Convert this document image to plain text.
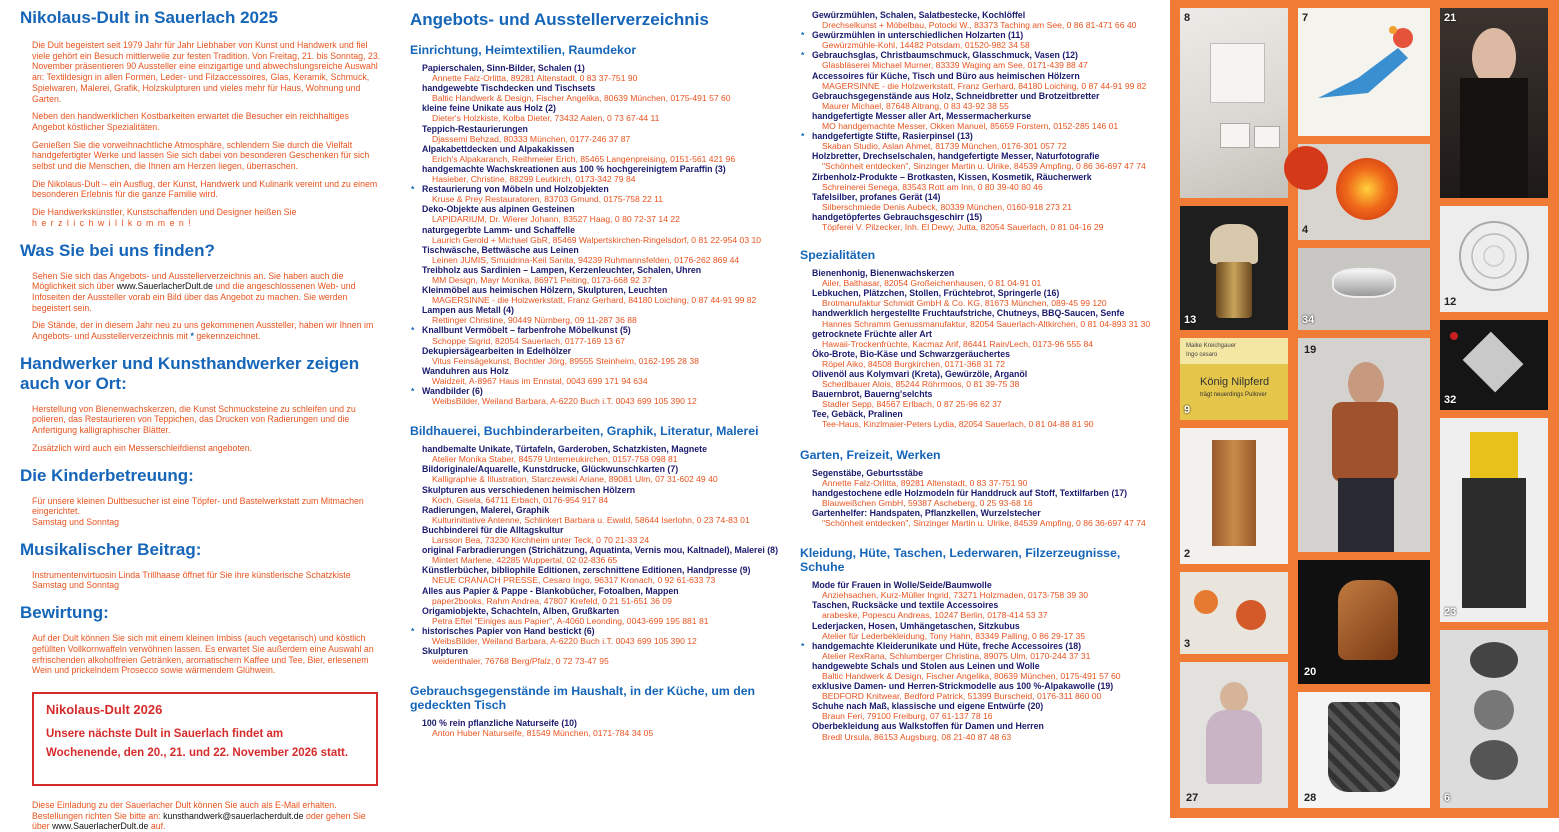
Nikolaus-Dult in Sauerlach 2025

Die Dult begeistert seit 1979 Jahr für Jahr Liebhaber von Kunst und Handwerk und fiel viele gehört ein Besuch mittlerweile zur festen Tradition. Von Freitag, 21. bis Sonntag, 23. November präsentieren 90 Aussteller eine einzigartige und abwechslungsreiche Auswahl an: Textildesign in allen Formen, Leder- und Filzaccessoires, Glas, Keramik, Schmuck, Spielwaren, Malerei, Grafik, Holzskulpturen und vieles mehr für Haus, Wohnung und Garten.

Neben den handwerklichen Kostbarkeiten erwartet die Besucher ein reichhaltiges Angebot köstlicher Spezialitäten.

Genießen Sie die vorweihnachtliche Atmosphäre, schlendern Sie durch die Vielfalt handgefertigter Werke und lassen Sie sich dabei von besonderen Geschenken für sich selbst und die Menschen, die Ihnen am Herzen liegen, überraschen.

Die Nikolaus-Dult – ein Ausflug, der Kunst, Handwerk und Kulinarik vereint und zu einem besonderen Erlebnis für die ganze Familie wird.

Die Handwerkskünstler, Kunstschaffenden und Designer heißen Sie

h e r z l i c h w i l l k o m m e n !

Was Sie bei uns finden?

Sehen Sie sich das Angebots- und Ausstellerverzeichnis an. Sie haben auch die Möglichkeit sich über www.SauerlacherDult.de und die angeschlossenen Web- und Infoseiten der Aussteller vorab ein Bild über das Angebot zu machen. Sie werden begeistert sein.

Die Stände, der in diesem Jahr neu zu uns gekommenen Aussteller, haben wir Ihnen im Angebots- und Ausstellerverzeichnis mit * gekennzeichnet.

Handwerker und Kunsthandwerker zeigen auch vor Ort:

Herstellung von Bienenwachskerzen, die Kunst Schmucksteine zu schleifen und zu polieren, das Restaurieren von Teppichen, das Drucken von Radierungen und die Anfertigung kalligraphischer Blätter.

Zusätzlich wird auch ein Messerschleifdienst angeboten.

Die Kinderbetreuung:

Für unsere kleinen Dultbesucher ist eine Töpfer- und Bastelwerkstatt zum Mitmachen eingerichtet.
Samstag und Sonntag

Musikalischer Beitrag:

Instrumentenvirtuosin Linda Trillhaase öffnet für Sie ihre künstlerische Schatzkiste
Samstag und Sonntag

Bewirtung:

Auf der Dult können Sie sich mit einem kleinen Imbiss (auch vegetarisch) und köstlich gefüllten Vollkornwaffeln verwöhnen lassen. Es erwartet Sie außerdem eine Auswahl an erfrischenden alkoholfreien Getränken, aromatischem Kaffee und Tee, Bier, erlesenem Wein und prickelndem Prosecco sowie wärmendem Glühwein.

Nikolaus-Dult 2026
Unsere nächste Dult in Sauerlach findet am
Wochenende, den 20., 21. und 22. November 2026 statt.

Diese Einladung zu der Sauerlacher Dult können Sie auch als E-Mail erhalten. Bestellungen richten Sie bitte an: kunsthandwerk@sauerlacherdult.de oder gehen Sie über www.SauerlacherDult.de auf.

Angebots- und Ausstellerverzeichnis
Einrichtung, Heimtextilien, Raumdekor
Papierschalen, Sinn-Bilder, Schalen (1)
Annette Falz-Orlitta, 89281 Altenstadt, 0 83 37-751 90
handgewebte Tischdecken und Tischsets
Baltic Handwerk & Design, Fischer Angelika, 80639 München, 0175-491 57 60
kleine feine Unikate aus Holz (2)
Dieter's Holzkiste, Kolba Dieter, 73432 Aalen, 0 73 67-44 11
Teppich-Restaurierungen
Djassemi Behzad, 80333 München, 0177-246 37 87
Alpakabettdecken und Alpakakissen
Erich's Alpakaranch, Reithmeier Erich, 85465 Langenpreising, 0151-561 421 96
handgemachte Wachskreationen aus 100 % hochgereinigtem Paraffin (3)
Hasieber, Christine, 88299 Leutkirch, 0173-342 79 84
* Restaurierung von Möbeln und Holzobjekten
Kruse & Prey Restauratoren, 83703 Gmund, 0175-758 22 11
Deko-Objekte aus alpinen Gesteinen
LAPIDARIUM, Dr. Wierer Johann, 83527 Haag, 0 80 72-37 14 22
naturgegerbte Lamm- und Schaffelle
Laurich Gerold + Michael GbR, 85469 Walpertskirchen-Ringelsdorf, 0 81 22-954 03 10
Tischwäsche, Bettwäsche aus Leinen
Leinen JUMIS, Smuidrina-Keil Sanita, 94239 Ruhmannsfelden, 0176-262 869 44
Treibholz aus Sardinien – Lampen, Kerzenleuchter, Schalen, Uhren
MM Design, Mayr Monika, 86971 Peiting, 0173-668 92 37
Kleinmöbel aus heimischen Hölzern, Skulpturen, Leuchten
MAGERSINNE - die Holzwerkstatt, Franz Gerhard, 84180 Loiching, 0 87 44-91 99 82
Lampen aus Metall (4)
Rettinger Christine, 90449 Nürnberg, 09 11-287 36 88
* Knallbunt Vermöbelt – farbenfrohe Möbelkunst (5)
Schoppe Sigrid, 82054 Sauerlach, 0177-169 13 67
Dekupiersägearbeiten in Edelhölzer
Vitus Feinsägekunst, Bochtler Jörg, 89555 Steinheim, 0162-195 28 38
Wanduhren aus Holz
Waidzeit, A-8967 Haus im Ennstal, 0043 699 171 94 634
* Wandbilder (6)
WeibsBilder, Weiland Barbara, A-6220 Buch i.T. 0043 699 105 390 12
Bildhauerei, Buchbinderarbeiten, Graphik, Literatur, Malerei
handbemalte Unikate, Türtafeln, Garderoben, Schatzkisten, Magnete
Atelier Monika Staber, 84579 Unterneukirchen, 0157-758 098 81
Bildoriginale/Aquarelle, Kunstdrucke, Glückwunschkarten (7)
Kalligraphie & Illustration, Starczewski Ariane, 89081 Ulm, 07 31-602 49 40
Skulpturen aus verschiedenen heimischen Hölzern
Koch, Gisela, 64711 Erbach, 0176-954 917 84
Radierungen, Malerei, Graphik
Kulturinitiative Antenne, Schlinkert Barbara u. Ewald, 58644 Iserlohn, 0 23 74-83 01
Buchbinderei für die Alltagskultur
Larsson Bea, 73230 Kirchheim unter Teck, 0 70 21-33 24
original Farbradierungen (Strichätzung, Aquatinta, Vernis mou, Kaltnadel), Malerei (8)
Mintert Marlene, 42285 Wuppertal, 02 02-836 65
Künstlerbücher, bibliophile Editionen, zerschnittene Editionen, Handpresse (9)
NEUE CRANACH PRESSE, Cesaro Ingo, 96317 Kronach, 0 92 61-633 73
Alles aus Papier & Pappe - Blankobücher, Fotoalben, Mappen
paper2books, Rahm Andrea, 47807 Krefeld, 0 21 51-651 36 09
Origamiobjekte, Schachteln, Alben, Grußkarten
Petra Eftel "Einiges aus Papier", A-4060 Leonding, 0043-699 195 881 81
* historisches Papier von Hand bestickt (6)
WeibsBilder, Weiland Barbara, A-6220 Buch i.T. 0043 699 105 390 12
Skulpturen
weidenthaler, 76768 Berg/Pfalz, 0 72 73-47 95
Gebrauchsgegenstände im Haushalt, in der Küche, um den gedeckten Tisch
100 % rein pflanzliche Naturseife (10)
Anton Huber Naturseife, 81549 München, 0171-784 34 05
Gewürzmühlen, Schalen, Salatbestecke, Kochlöffel
Drechselkunst + Möbelbau, Potocki W., 83373 Taching am See, 0 86 81-471 66 40
* Gewürzmühlen in unterschiedlichen Holzarten (11)
Gewürzmühle-Kohl, 14482 Potsdam, 01520-982 34 58
* Gebrauchsglas, Christbaumschmuck, Glasschmuck, Vasen (12)
Glasbläserei Michael Murner, 83339 Waging am See, 0171-439 88 47
Accessoires für Küche, Tisch und Büro aus heimischen Hölzern
MAGERSINNE - die Holzwerkstatt, Franz Gerhard, 84180 Loiching, 0 87 44-91 99 82
Gebrauchsgegenstände aus Holz, Schneidbretter und Brotzeitbretter
Maurer Michael, 87648 Aitrang, 0 83 43-92 38 55
handgefertigte Messer aller Art, Messermacherkurse
MO handgemachte Messer, Okken Manuel, 85659 Forstern, 0152-285 146 01
* handgefertigte Stifte, Rasierpinsel (13)
Skaban Studio, Aslan Ahmet, 81739 München, 0176-301 057 72
Holzbretter, Drechselschalen, handgefertigte Messer, Naturfotografie
"Schönheit entdecken", Sinzinger Martin u. Ulrike, 84539 Ampfing, 0 86 36-697 47 74
Zirbenholz-Produkte – Brotkasten, Kissen, Kosmetik, Räucherwerk
Schreinerei Senega, 83543 Rott am Inn, 0 80 39-40 80 46
Tafelsilber, profanes Gerät (14)
Silberschmiede Denis Aubeck, 80339 München, 0160-918 273 21
handgetöpfertes Gebrauchsgeschirr (15)
Töpferei V. Pilzecker, Inh. El Dewy, Jutta, 82054 Sauerlach, 0 81 04-16 29
Spezialitäten
Bienenhonig, Bienenwachskerzen
Ailer, Balthasar, 82054 Großeichenhausen, 0 81 04-91 01
Lebkuchen, Plätzchen, Stollen, Früchtebrot, Springerle (16)
Brotmanufaktur Schmidt GmbH & Co. KG, 81673 München, 089-45 99 120
handwerklich hergestellte Fruchtaufstriche, Chutneys, BBQ-Saucen, Senfe
Hannes Schramm Genussmanufaktur, 82054 Sauerlach-Altkirchen, 0 81 04-893 31 30
getrocknete Früchte aller Art
Hawaii-Trockenfrüchte, Kacmaz Arif, 86441 Rain/Lech, 0173-96 555 84
Öko-Brote, Bio-Käse und Schwarzgeräuchertes
Röpel Aiko, 84508 Burgkirchen, 0171-368 31 72
Olivenöl aus Kolymvari (Kreta), Gewürzöle, Arganöl
Schedlbauer Alois, 85244 Röhrmoos, 0 81 39-75 38
Bauernbrot, Bauerng'selchts
Stadler Sepp, 84567 Erlbach, 0 87 25-96 62 37
Tee, Gebäck, Pralinen
Tee-Haus, Kinzlmaier-Peters Lydia, 82054 Sauerlach, 0 81 04-88 81 90
Garten, Freizeit, Werken
Segenstäbe, Geburtsstäbe
Annette Falz-Orlitta, 89281 Altenstadt, 0 83 37-751 90
handgestochene edle Holzmodeln für Handdruck auf Stoff, Textilfarben (17)
Blauweißchen GmbH, 59387 Ascheberg, 0 25 93-68 16
Gartenhelfer: Handspaten, Pflanzkellen, Wurzelstecher
"Schönheit entdecken", Sinzinger Martin u. Ulrike, 84539 Ampfing, 0 86 36-697 47 74
Kleidung, Hüte, Taschen, Lederwaren, Filzerzeugnisse, Schuhe
Mode für Frauen in Wolle/Seide/Baumwolle
Anziehsachen, Kurz-Müller Ingrid, 73271 Holzmaden, 0173-758 39 30
Taschen, Rucksäcke und textile Accessoires
arabeske, Popescu Andreas, 10247 Berlin, 0178-414 53 37
Lederjacken, Hosen, Umhängetaschen, Sitzkubus
Atelier für Lederbekleidung, Tony Hahn, 83349 Palling, 0 86 29-17 35
* handgemachte Kleiderunikate und Hüte, freche Accessoires (18)
Atelier RexRana, Schlumberger Christina, 89075 Ulm, 0170-244 37 31
handgewebte Schals und Stolen aus Leinen und Wolle
Baltic Handwerk & Design, Fischer Angelika, 80639 München, 0175-491 57 60
exklusive Damen- und Herren-Strickmodelle aus 100 %-Alpakawolle (19)
BEDFORD Knitwear, Bedford Patrick, 51399 Burscheid, 0176-311 860 00
Schuhe nach Maß, klassische und eigene Entwürfe (20)
Braun Feri, 79100 Freiburg, 07 61-137 78 16
Oberbekleidung aus Walkstoffen für Damen und Herren
Bredl Ursula, 86153 Augsburg, 08 21-40 87 48 63
8	7	21
4
13	34
12
Maike Kreichgauer
Ingo cesaro
König Nilpferd
trägt neuerdings Pullover
9
19
32
2
23
3
20
27	28	6
